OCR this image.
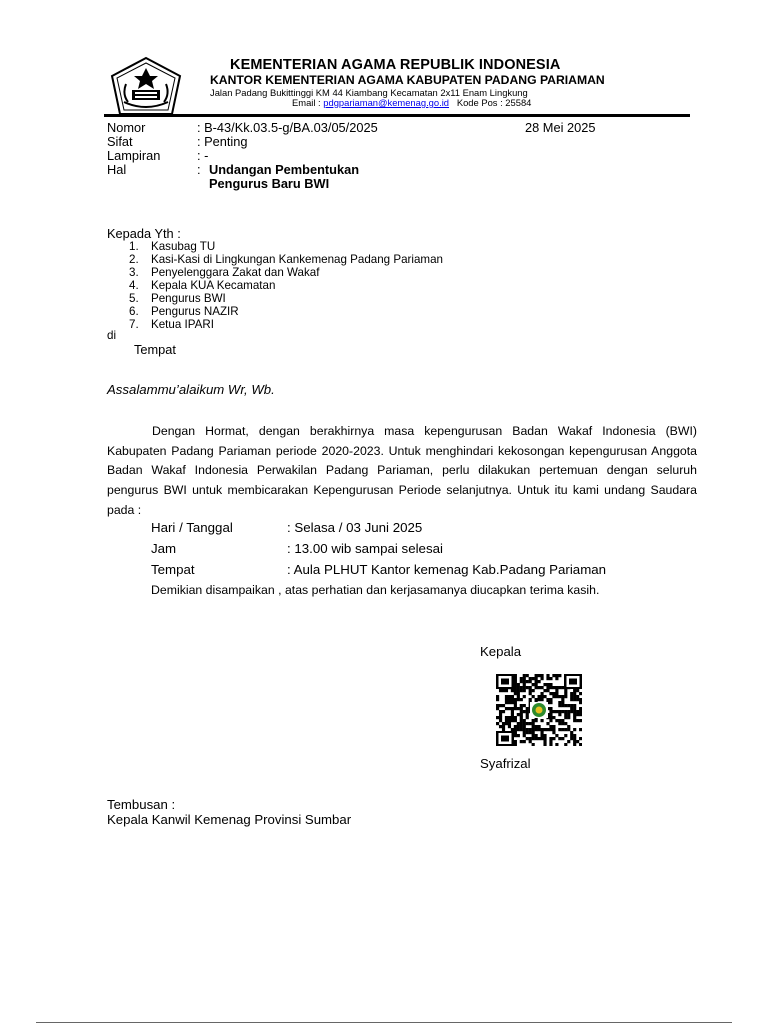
KEMENTERIAN AGAMA REPUBLIK INDONESIA
KANTOR KEMENTERIAN AGAMA KABUPATEN PADANG PARIAMAN
Jalan Padang Bukittinggi KM 44 Kiambang Kecamatan 2x11 Enam Lingkung
Email : pdgpariaman@kemenag.go.id Kode Pos : 25584
Nomor	: B-43/Kk.03.5-g/BA.03/05/2025	28 Mei 2025
Sifat	: Penting
Lampiran	: -
Hal	: Undangan Pembentukan
Pengurus Baru BWI
Kepada Yth :
1. Kasubag TU
2. Kasi-Kasi di Lingkungan Kankemenag Padang Pariaman
3. Penyelenggara Zakat dan Wakaf
4. Kepala KUA Kecamatan
5. Pengurus BWI
6. Pengurus NAZIR
7. Ketua IPARI
di
Tempat
Assalammu’alaikum Wr, Wb.

Dengan Hormat, dengan berakhirnya masa kepengurusan Badan Wakaf Indonesia (BWI) Kabupaten Padang Pariaman periode 2020-2023. Untuk menghindari kekosongan kepengurusan Anggota Badan Wakaf Indonesia Perwakilan Padang Pariaman, perlu dilakukan pertemuan dengan seluruh pengurus BWI untuk membicarakan Kepengurusan Periode selanjutnya. Untuk itu kami undang Saudara pada :

Hari / Tanggal	: Selasa / 03 Juni 2025
Jam	: 13.00 wib sampai selesai
Tempat	: Aula PLHUT Kantor kemenag Kab.Padang Pariaman
Demikian disampaikan , atas perhatian dan kerjasamanya diucapkan terima kasih.
Kepala
Syafrizal
Tembusan :
Kepala Kanwil Kemenag Provinsi Sumbar
